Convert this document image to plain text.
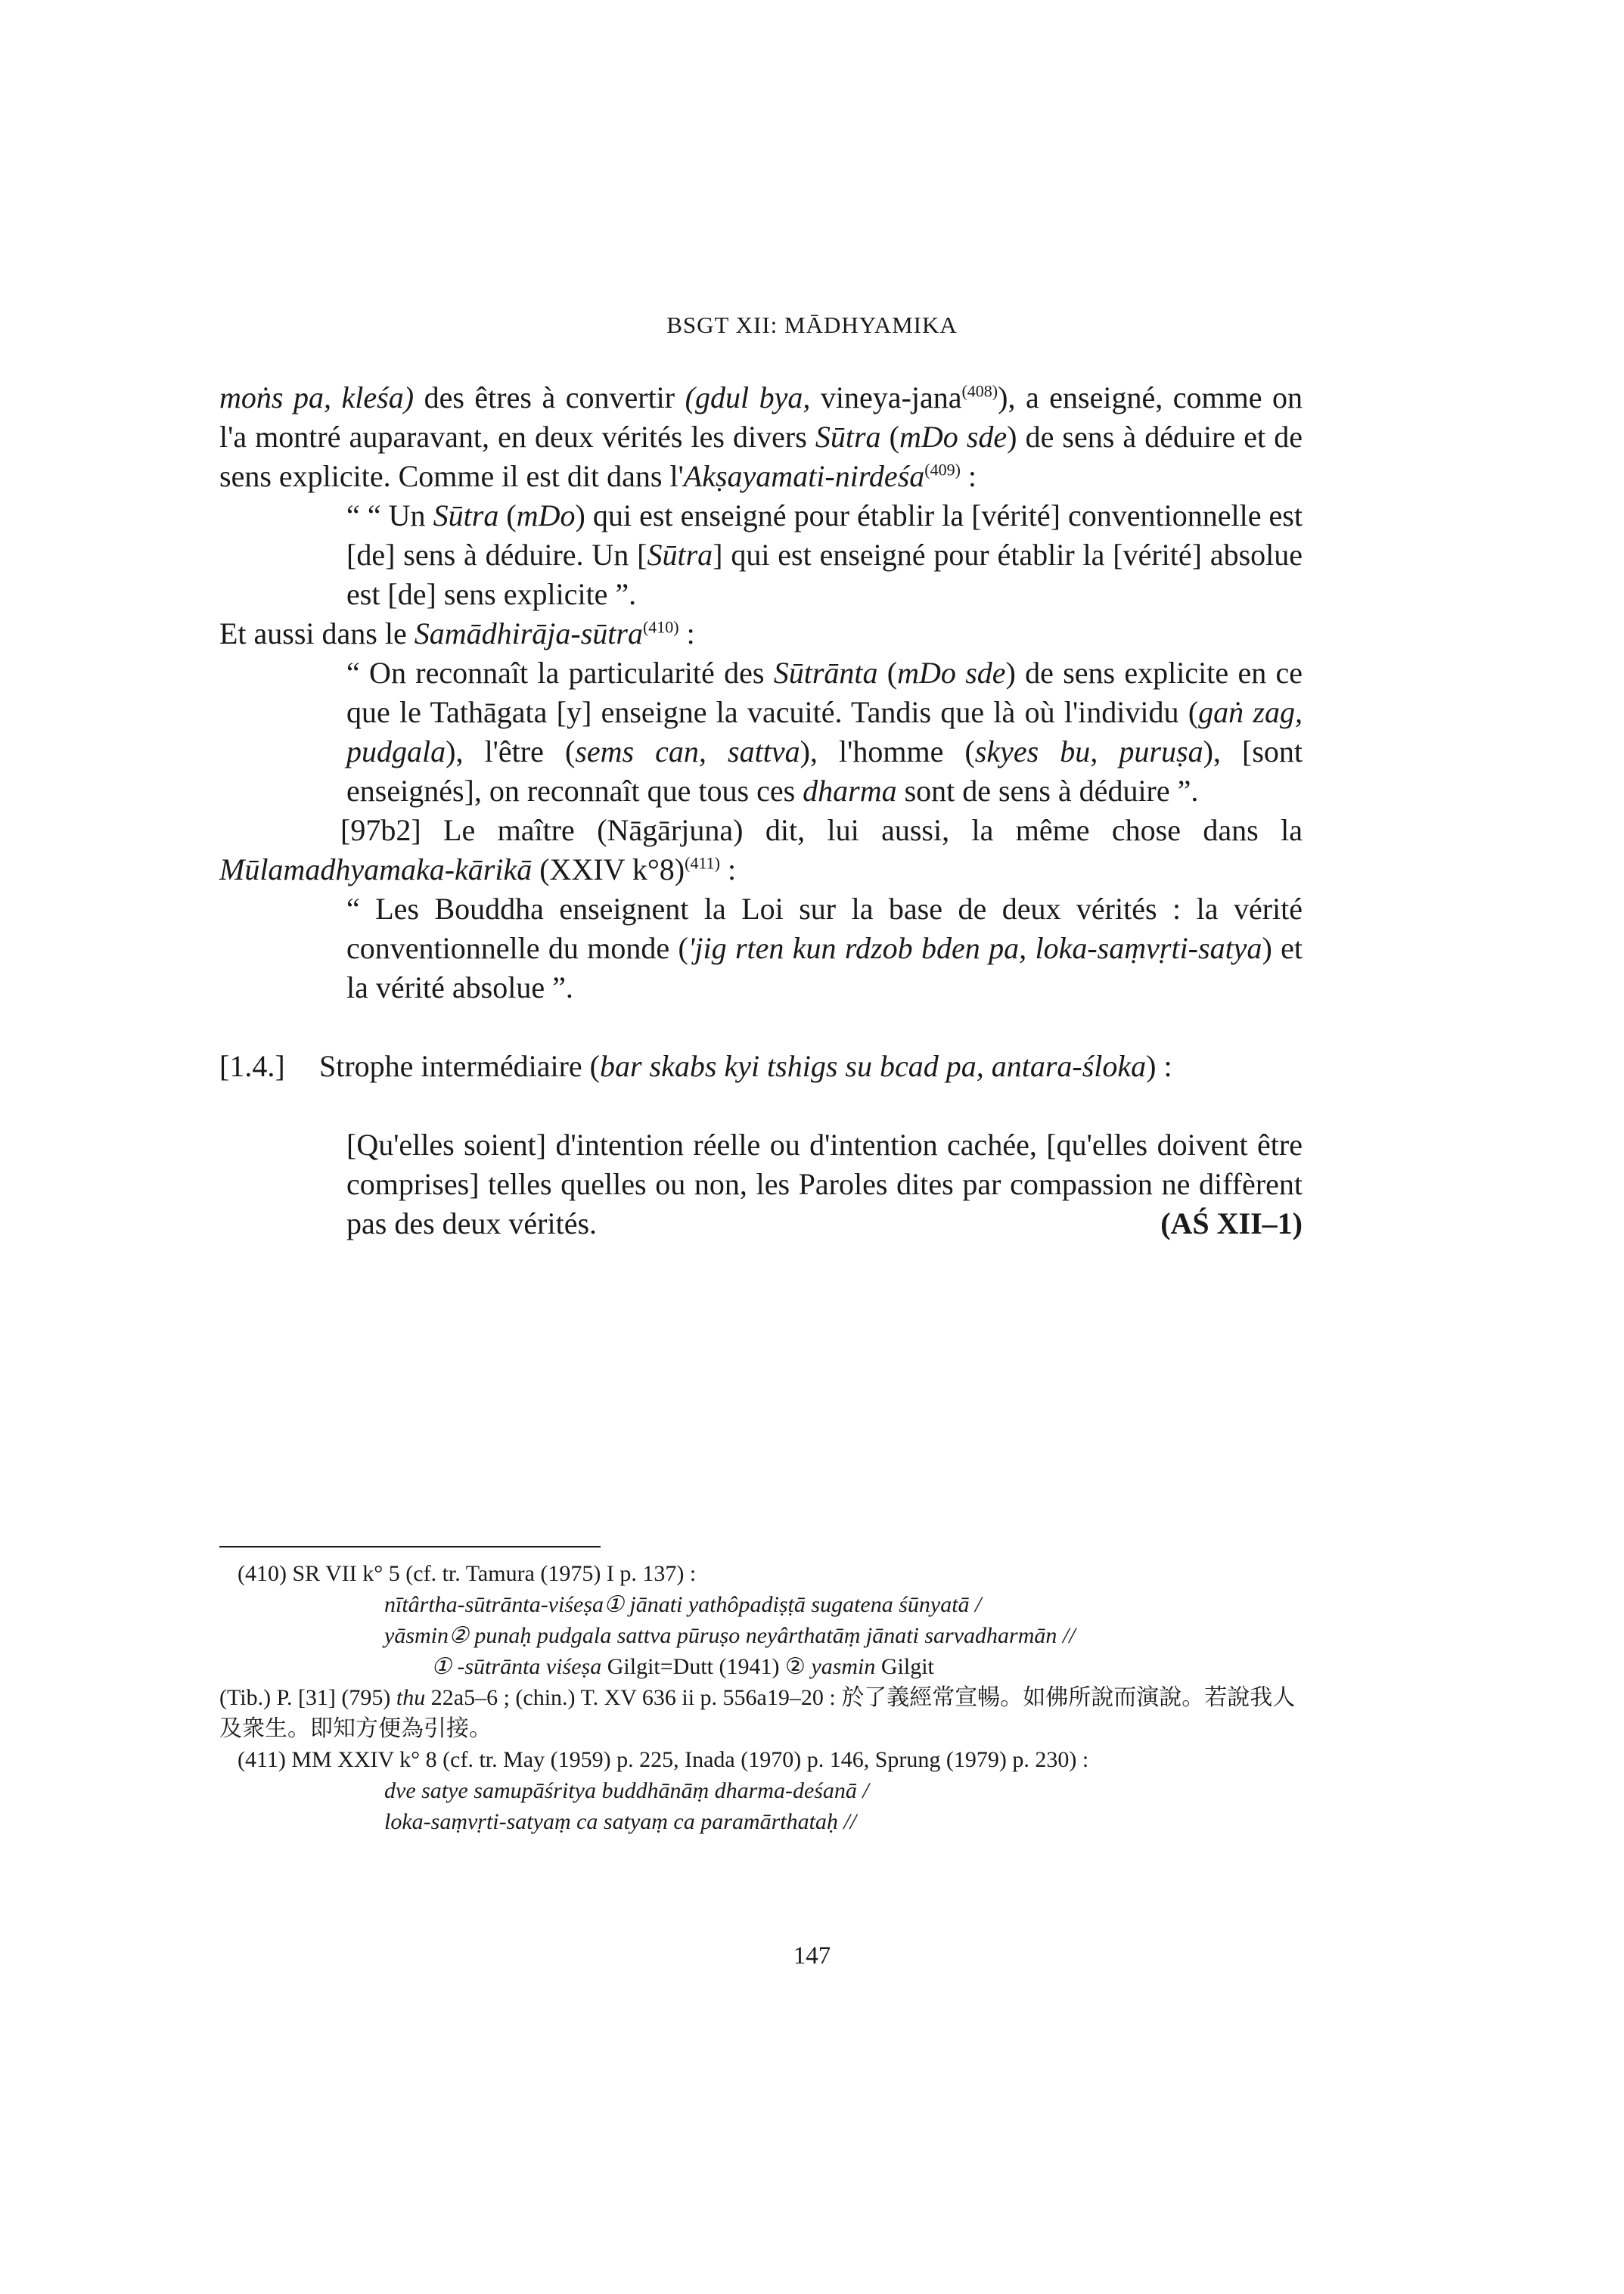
BSGT XII: MĀDHYAMIKA

moṅs pa, kleśa) des êtres à convertir (gdul bya, vineya-jana$^{(408)}$), a enseigné, comme on l'a montré auparavant, en deux vérités les divers Sūtra (mDo sde) de sens à déduire et de sens explicite. Comme il est dit dans l'Akṣayamati-nirdeśa$^{(409)}$ :

“ “ Un Sūtra (mDo) qui est enseigné pour établir la [vérité] conventionnelle est [de] sens à déduire. Un [Sūtra] qui est enseigné pour établir la [vérité] absolue est [de] sens explicite ”.

Et aussi dans le Samādhirāja-sūtra$^{(410)}$ :

“ On reconnaît la particularité des Sūtrānta (mDo sde) de sens explicite en ce que le Tathāgata [y] enseigne la vacuité. Tandis que là où l'individu (gaṅ zag, pudgala), l'être (sems can, sattva), l'homme (skyes bu, puruṣa), [sont enseignés], on reconnaît que tous ces dharma sont de sens à déduire ”.

[97b2] Le maître (Nāgārjuna) dit, lui aussi, la même chose dans la Mūlamadhyamaka-kārikā (XXIV k°8)$^{(411)}$ :

“ Les Bouddha enseignent la Loi sur la base de deux vérités : la vérité conventionnelle du monde ('jig rten kun rdzob bden pa, loka-saṃvṛti-satya) et la vérité absolue ”.

[1.4.]	Strophe intermédiaire (bar skabs kyi tshigs su bcad pa, antara-śloka) :

[Qu'elles soient] d'intention réelle ou d'intention cachée, [qu'elles doivent être comprises] telles quelles ou non, les Paroles dites par compassion ne diffèrent pas des deux vérités.	(AŚ XII–1)

(410) SR VII k° 5 (cf. tr. Tamura (1975) I p. 137) :

nītârtha-sūtrānta-viśeṣa① jānati yathôpadiṣṭā sugatena śūnyatā /

yāsmin② punaḥ pudgala sattva pūruṣo neyârthatāṃ jānati sarvadharmān //

① -sūtrānta viśeṣa Gilgit=Dutt (1941) ② yasmin Gilgit

(Tib.) P. [31] (795) thu 22a5–6 ; (chin.) T. XV 636 ii p. 556a19–20 : 於了義經常宣暢。如佛所說而演說。若說我人及衆生。即知方便為引接。

(411) MM XXIV k° 8 (cf. tr. May (1959) p. 225, Inada (1970) p. 146, Sprung (1979) p. 230) :

dve satye samupāśritya buddhānāṃ dharma-deśanā /

loka-saṃvṛti-satyaṃ ca satyaṃ ca paramārthataḥ //

147
